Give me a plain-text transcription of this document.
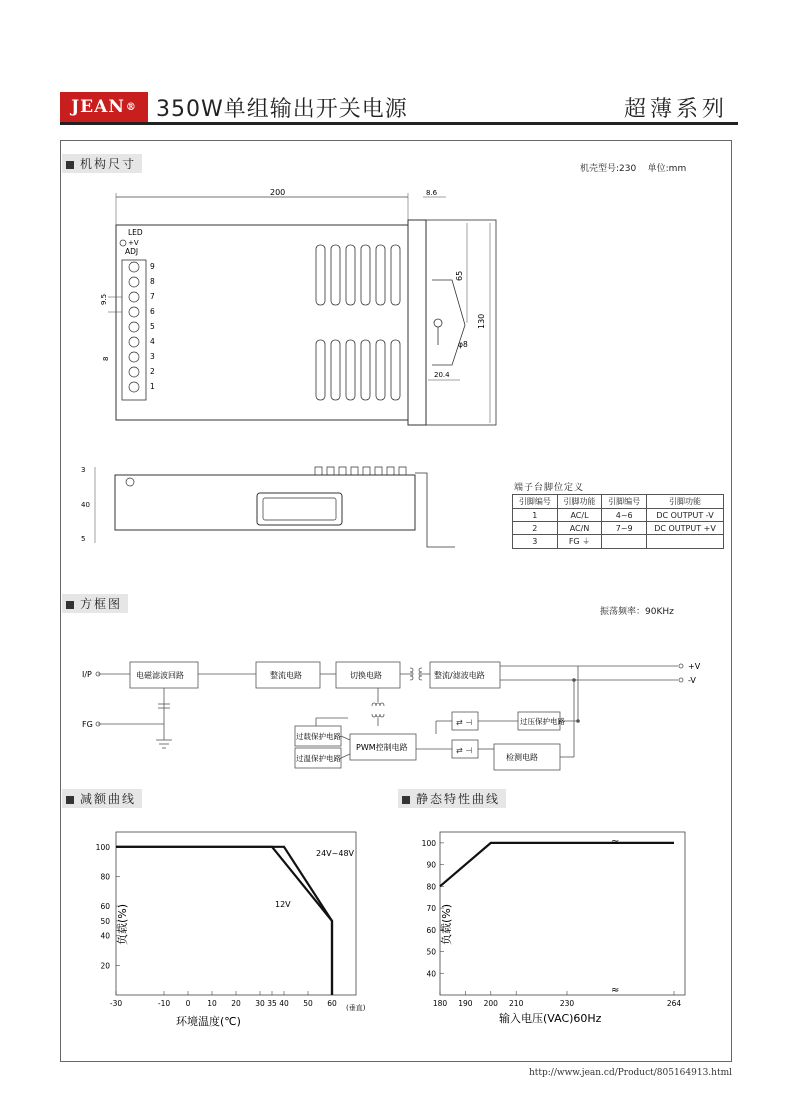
JEAN ® 350W单组输出开关电源	超薄系列
机构尺寸	机壳型号:230    单位:mm
200	8.6
130
65
φ8
20.4
LED
+V
ADJ
9
8
7
6
5
4
3
2
1
9.5
8
3
40
5
端子台脚位定义
引脚编号	引脚功能	引脚编号	引脚功能
1	AC/L	4~6	DC OUTPUT -V
2	AC/N	7~9	DC OUTPUT +V
3	FG ⏚		
方框图
振荡频率：90KHz
I/P
FG
电磁滤波回路	整流电路	切换电路	整流/滤波电路
+V
-V
过载保护电路
过温保护电路
PWM控制电路
过压保护电路
检测电路
⇄ ⊣
⇄ ⊣
减额曲线	静态特性曲线
100
80
60
50
40
20
-30	-10 0 10 20 30 35 40 50 60
24V~48V
12V
(垂直)
负载(%)
环境温度(℃)
100
90
80
70
60
50
40
180 190 200 210	230	264
≈
≈
负载(%)
输入电压(VAC)60Hz
http://www.jean.cd/Product/805164913.html
